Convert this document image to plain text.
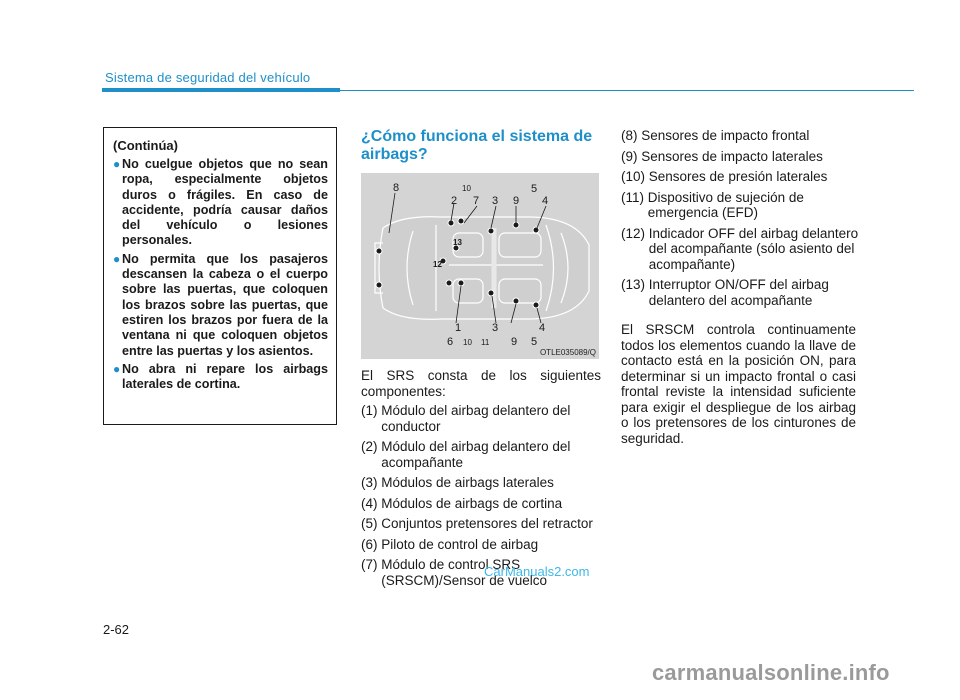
Sistema de seguridad del vehículo
(Continúa)
● No cuelgue objetos que no sean ropa, especialmente objetos duros o frágiles. En caso de accidente, podría causar daños del vehículo o lesiones personales.
● No permita que los pasajeros descansen la cabeza o el cuerpo sobre las puertas, que coloquen los brazos sobre las puertas, que estiren los brazos por fuera de la ventana ni que coloquen objetos entre las puertas y los asientos.
● No abra ni repare los airbags laterales de cortina.
¿Cómo funciona el sistema de airbags?
8	10
2 7 3 9
5
4
13
12
1	3	4
6 10 11 9 5
OTLE035089/Q
El SRS consta de los siguientes componentes:
(1) Módulo del airbag delantero del conductor
(2) Módulo del airbag delantero del acompañante
(3) Módulos de airbags laterales
(4) Módulos de airbags de cortina
(5) Conjuntos pretensores del retractor
(6) Piloto de control de airbag
(7) Módulo de control SRS (SRSCM)/Sensor de vuelco
(8) Sensores de impacto frontal
(9) Sensores de impacto laterales
(10) Sensores de presión laterales
(11) Dispositivo de sujeción de emergencia (EFD)
(12) Indicador OFF del airbag delantero del acompañante (sólo asiento del acompañante)
(13) Interruptor ON/OFF del airbag delantero del acompañante
El SRSCM controla continuamente todos los elementos cuando la llave de contacto está en la posición ON, para determinar si un impacto frontal o casi frontal reviste la intensidad suficiente para exigir el despliegue de los airbag o los pretensores de los cinturones de seguridad.
2-62
CarManuals2.com
carmanualsonline.info
